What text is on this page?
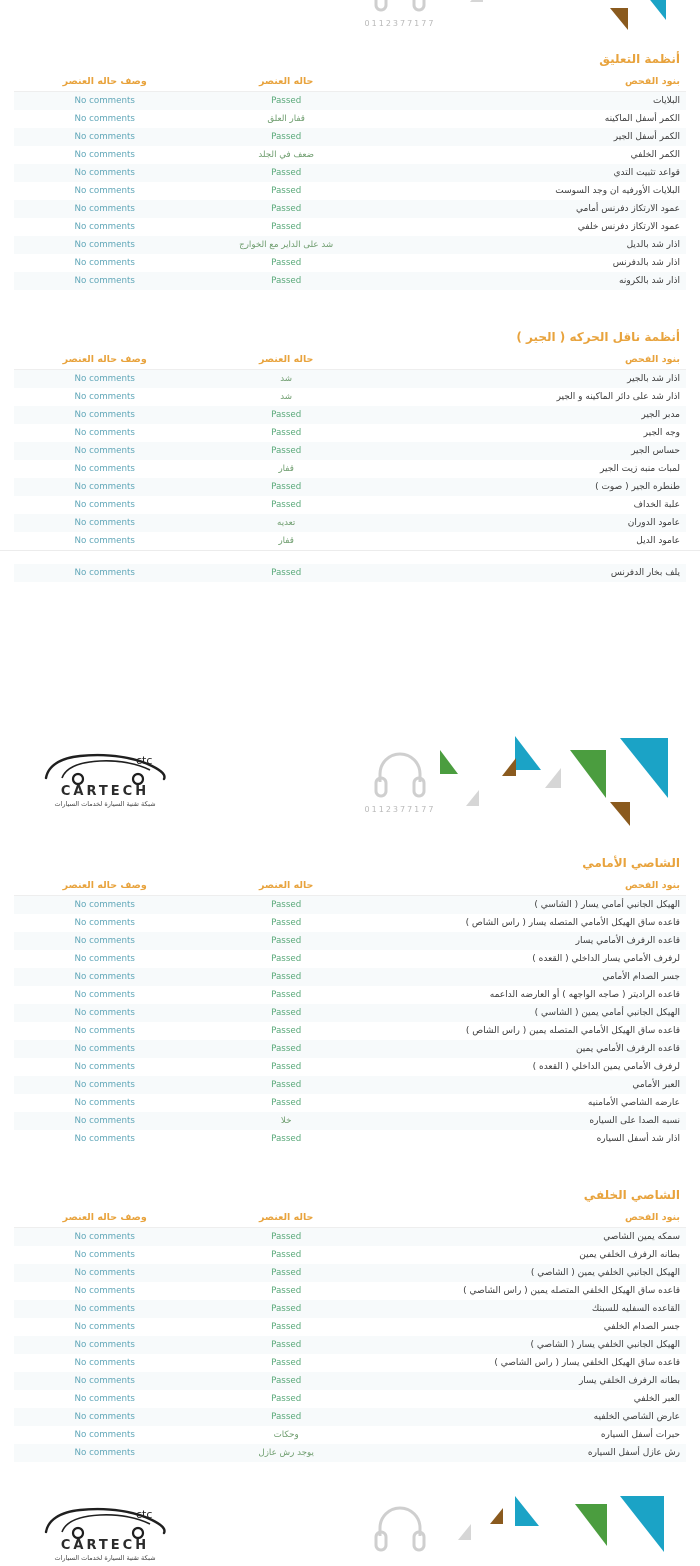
0112377177
أنظمة التعليق
بنود الفحص	حاله العنصر	وصف حاله العنصر
البلايات	Passed	No comments
الكمر أسفل الماكينه	قفار العلق	No comments
الكمر أسفل الجير	Passed	No comments
الكمر الخلفي	ضعف في الجلد	No comments
قواعد تثبيت التدي	Passed	No comments
البلايات الأورفيه ان وجد السوست	Passed	No comments
عمود الارتكاز دفرنس أمامي	Passed	No comments
عمود الارتكاز دفرنس خلفي	Passed	No comments
اذار شد بالديل	شد على الداير مع الخوارج	No comments
اذار شد بالدفرنس	Passed	No comments
اذار شد بالكرونه	Passed	No comments
أنظمة ناقل الحركه ( الجير )
بنود الفحص	حاله العنصر	وصف حاله العنصر
اذار شد بالجير	شد	No comments
اذار شد على دائر الماكينه و الجير	شد	No comments
مدبر الجير	Passed	No comments
وجه الجير	Passed	No comments
حساس الجير	Passed	No comments
لمبات منبه زيت الجير	قفار	No comments
طنطره الجير ( صوت )	Passed	No comments
علبة الخداف	Passed	No comments
عامود الدوران	تعديه	No comments
عامود الديل	قفار	No comments
يلف بخار الدفرنس	Passed	No comments
ctc
CARTECH
شبكة تقنية السيارة لخدمات السيارات
0112377177
الشاصي الأمامي
بنود الفحص	حاله العنصر	وصف حاله العنصر
الهيكل الجانبي أمامي يسار ( الشاسي )	Passed	No comments
قاعده ساق الهيكل الأمامي المتصله يسار ( راس الشاص )	Passed	No comments
قاعده الرفرف الأمامي يسار	Passed	No comments
لرفرف الأمامي يسار الداخلي ( القعده )	Passed	No comments
جسر الصدام الأمامي	Passed	No comments
قاعده الراديتر ( صاجه الواجهه ) أو العارضه الداعمه	Passed	No comments
الهيكل الجانبي أمامي يمين ( الشاسي )	Passed	No comments
قاعده ساق الهيكل الأمامي المتصله يمين ( راس الشاص )	Passed	No comments
قاعده الرفرف الأمامي يمين	Passed	No comments
لرفرف الأمامي يمين الداخلي ( القعده )	Passed	No comments
العبر الأمامي	Passed	No comments
عارضه الشاصي الأمامنيه	Passed	No comments
نسبه الصدا على السياره	خلا	No comments
اذار شد أسفل السياره	Passed	No comments
الشاصي الخلفي
بنود الفحص	حاله العنصر	وصف حاله العنصر
سمكه يمين الشاصي	Passed	No comments
بطانه الرفرف الخلفي يمين	Passed	No comments
الهيكل الجانبي الخلفي يمين ( الشاصي )	Passed	No comments
قاعده ساق الهيكل الخلفي المتصله يمين ( راس الشاصي )	Passed	No comments
القاعده السفليه للسبنك	Passed	No comments
جسر الصدام الخلفي	Passed	No comments
الهيكل الجانبي الخلفي يسار ( الشاصي )	Passed	No comments
قاعده ساق الهيكل الخلفي يسار ( راس الشاصي )	Passed	No comments
بطانه الرفرف الخلفي يسار	Passed	No comments
العبر الخلفي	Passed	No comments
عارض الشاصي الخلفيه	Passed	No comments
حبرات أسفل السياره	وحكات	No comments
رش عازل أسفل السياره	يوجد رش عازل	No comments
ctc
CARTECH
شبكة تقنية السيارة لخدمات السيارات
